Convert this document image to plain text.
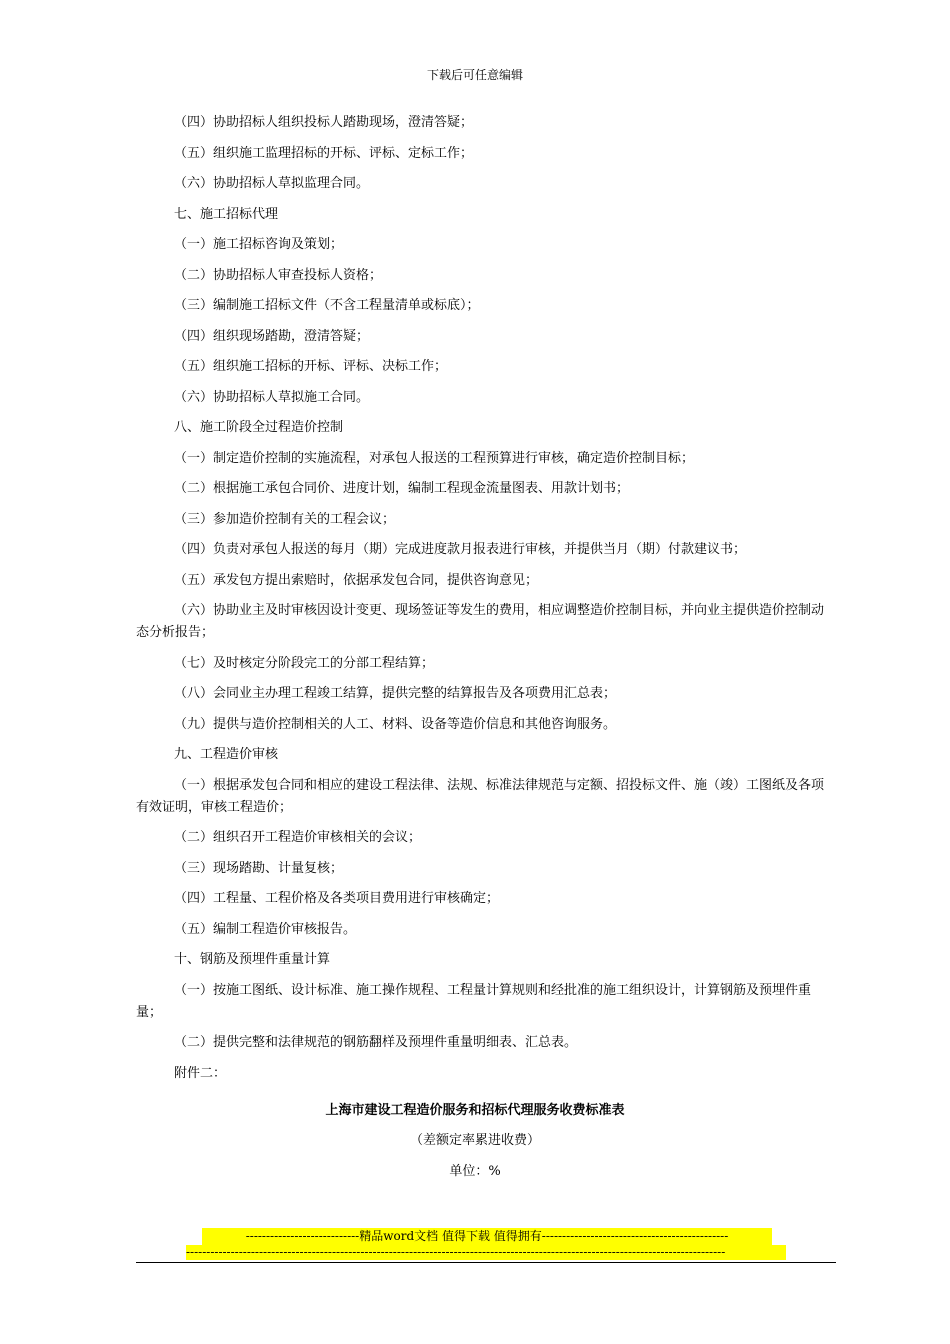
下载后可任意编辑

（四）协助招标人组织投标人踏勘现场，澄清答疑；

（五）组织施工监理招标的开标、评标、定标工作；

（六）协助招标人草拟监理合同。

七、施工招标代理

（一）施工招标咨询及策划；

（二）协助招标人审查投标人资格；

（三）编制施工招标文件（不含工程量清单或标底）；

（四）组织现场踏勘，澄清答疑；

（五）组织施工招标的开标、评标、决标工作；

（六）协助招标人草拟施工合同。

八、施工阶段全过程造价控制

（一）制定造价控制的实施流程，对承包人报送的工程预算进行审核，确定造价控制目标；

（二）根据施工承包合同价、进度计划，编制工程现金流量图表、用款计划书；

（三）参加造价控制有关的工程会议；

（四）负责对承包人报送的每月（期）完成进度款月报表进行审核，并提供当月（期）付款建议书；

（五）承发包方提出索赔时，依据承发包合同，提供咨询意见；

（六）协助业主及时审核因设计变更、现场签证等发生的费用，相应调整造价控制目标，并向业主提供造价控制动态分析报告；

（七）及时核定分阶段完工的分部工程结算；

（八）会同业主办理工程竣工结算，提供完整的结算报告及各项费用汇总表；

（九）提供与造价控制相关的人工、材料、设备等造价信息和其他咨询服务。

九、工程造价审核

（一）根据承发包合同和相应的建设工程法律、法规、标准法律规范与定额、招投标文件、施（竣）工图纸及各项有效证明，审核工程造价；

（二）组织召开工程造价审核相关的会议；

（三）现场踏勘、计量复核；

（四）工程量、工程价格及各类项目费用进行审核确定；

（五）编制工程造价审核报告。

十、钢筋及预埋件重量计算

（一）按施工图纸、设计标准、施工操作规程、工程量计算规则和经批准的施工组织设计，计算钢筋及预埋件重量；

（二）提供完整和法律规范的钢筋翻样及预埋件重量明细表、汇总表。

附件二：

上海市建设工程造价服务和招标代理服务收费标准表
（差额定率累进收费）
单位：%
----------------------------精品word文档 值得下载 值得拥有----------------------------------------------
-------------------------------------------------------------------------------------------------------------------------------------
